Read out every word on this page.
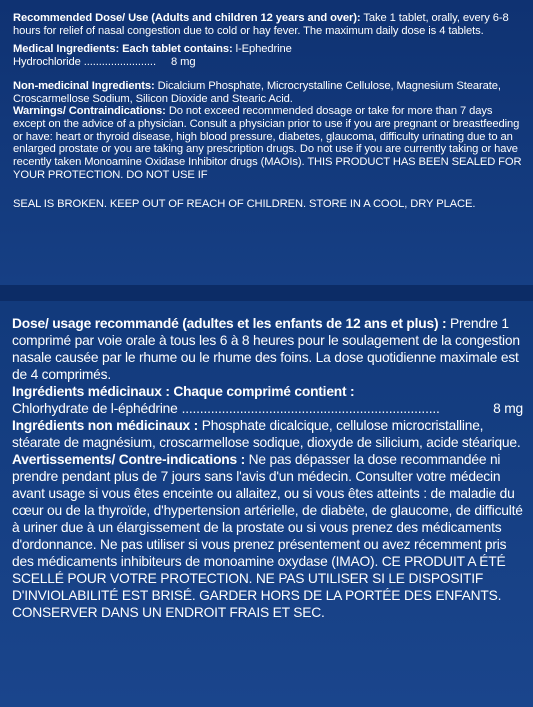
Recommended Dose/ Use (Adults and children 12 years and over): Take 1 tablet, orally, every 6-8 hours for relief of nasal congestion due to cold or hay fever. The maximum daily dose is 4 tablets.

Medical Ingredients: Each tablet contains: l-Ephedrine

Hydrochloride ........................ 8 mg

Non-medicinal Ingredients: Dicalcium Phosphate, Microcrystalline Cellulose, Magnesium Stearate, Croscarmellose Sodium, Silicon Dioxide and Stearic Acid.

Warnings/ Contraindications: Do not exceed recommended dosage or take for more than 7 days except on the advice of a physician. Consult a physician prior to use if you are pregnant or breastfeeding or have: heart or thyroid disease, high blood pressure, diabetes, glaucoma, difficulty urinating due to an enlarged prostate or you are taking any prescription drugs. Do not use if you are currently taking or have recently taken Monoamine Oxidase Inhibitor drugs (MAOIs). THIS PRODUCT HAS BEEN SEALED FOR YOUR PROTECTION. DO NOT USE IF

SEAL IS BROKEN. KEEP OUT OF REACH OF CHILDREN. STORE IN A COOL, DRY PLACE.

Dose/ usage recommandé (adultes et les enfants de 12 ans et plus) : Prendre 1 comprimé par voie orale à tous les 6 à 8 heures pour le soulagement de la congestion nasale causée par le rhume ou le rhume des foins. La dose quotidienne maximale est de 4 comprimés.

Ingrédients médicinaux : Chaque comprimé contient :

Chlorhydrate de l-éphédrine .......................................................................	8 mg

Ingrédients non médicinaux : Phosphate dicalcique, cellulose microcristalline, stéarate de magnésium, croscarmellose sodique, dioxyde de silicium, acide stéarique.

Avertissements/ Contre-indications : Ne pas dépasser la dose recommandée ni prendre pendant plus de 7 jours sans l'avis d'un médecin. Consulter votre médecin avant usage si vous êtes enceinte ou allaitez, ou si vous êtes atteints : de maladie du cœur ou de la thyroïde, d'hypertension artérielle, de diabète, de glaucome, de difficulté à uriner due à un élargissement de la prostate ou si vous prenez des médicaments d'ordonnance. Ne pas utiliser si vous prenez présentement ou avez récemment pris des médicaments inhibiteurs de monoamine oxydase (IMAO). CE PRODUIT A ÉTÉ SCELLÉ POUR VOTRE PROTECTION. NE PAS UTILISER SI LE DISPOSITIF D'INVIOLABILITÉ EST BRISÉ. GARDER HORS DE LA PORTÉE DES ENFANTS. CONSERVER DANS UN ENDROIT FRAIS ET SEC.
